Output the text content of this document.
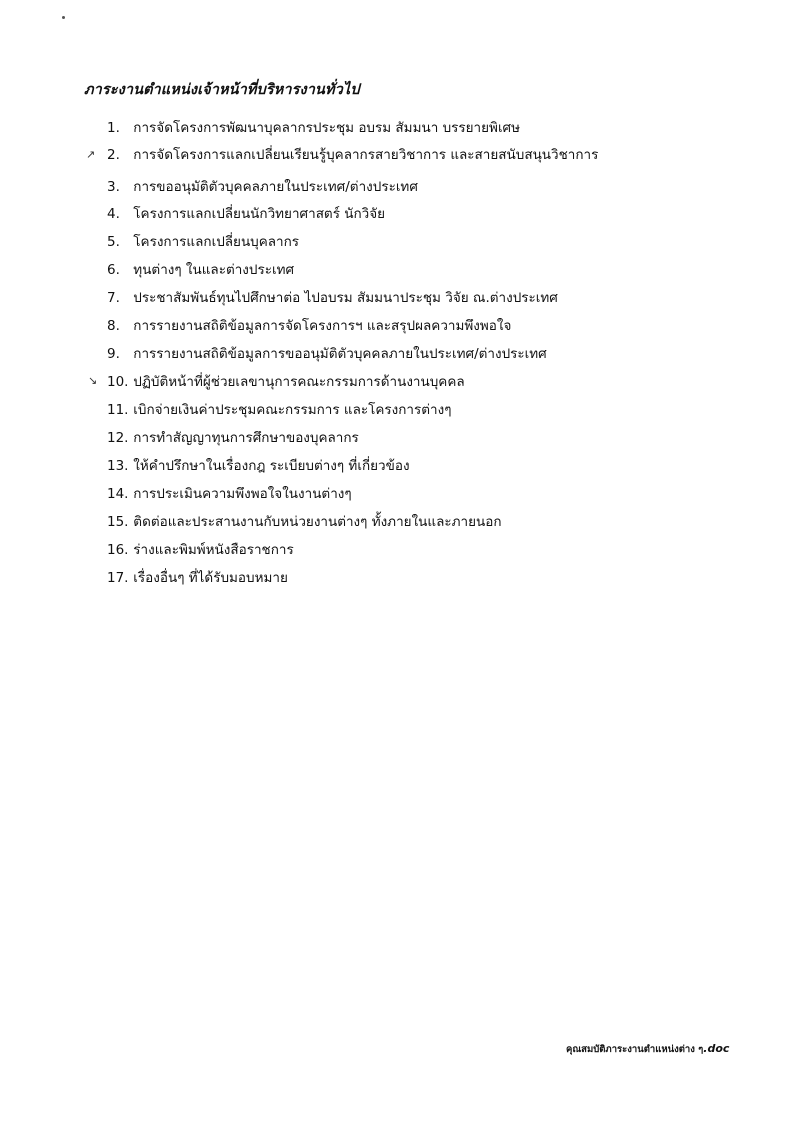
ภาระงานตำแหน่งเจ้าหน้าที่บริหารงานทั่วไป
↗
↘
1. การจัดโครงการพัฒนาบุคลากรประชุม อบรม สัมมนา บรรยายพิเศษ
2. การจัดโครงการแลกเปลี่ยนเรียนรู้บุคลากรสายวิชาการ และสายสนับสนุนวิชาการ
3. การขออนุมัติตัวบุคคลภายในประเทศ/ต่างประเทศ
4. โครงการแลกเปลี่ยนนักวิทยาศาสตร์ นักวิจัย
5. โครงการแลกเปลี่ยนบุคลากร
6. ทุนต่างๆ ในและต่างประเทศ
7. ประชาสัมพันธ์ทุนไปศึกษาต่อ ไปอบรม สัมมนาประชุม วิจัย ณ.ต่างประเทศ
8. การรายงานสถิติข้อมูลการจัดโครงการฯ และสรุปผลความพึงพอใจ
9. การรายงานสถิติข้อมูลการขออนุมัติตัวบุคคลภายในประเทศ/ต่างประเทศ
10. ปฏิบัติหน้าที่ผู้ช่วยเลขานุการคณะกรรมการด้านงานบุคคล
11. เบิกจ่ายเงินค่าประชุมคณะกรรมการ และโครงการต่างๆ
12. การทำสัญญาทุนการศึกษาของบุคลากร
13. ให้คำปรึกษาในเรื่องกฎ ระเบียบต่างๆ ที่เกี่ยวข้อง
14. การประเมินความพึงพอใจในงานต่างๆ
15. ติดต่อและประสานงานกับหน่วยงานต่างๆ ทั้งภายในและภายนอก
16. ร่างและพิมพ์หนังสือราชการ
17. เรื่องอื่นๆ ที่ได้รับมอบหมาย
คุณสมบัติภาระงานตำแหน่งต่าง ๆ.doc
